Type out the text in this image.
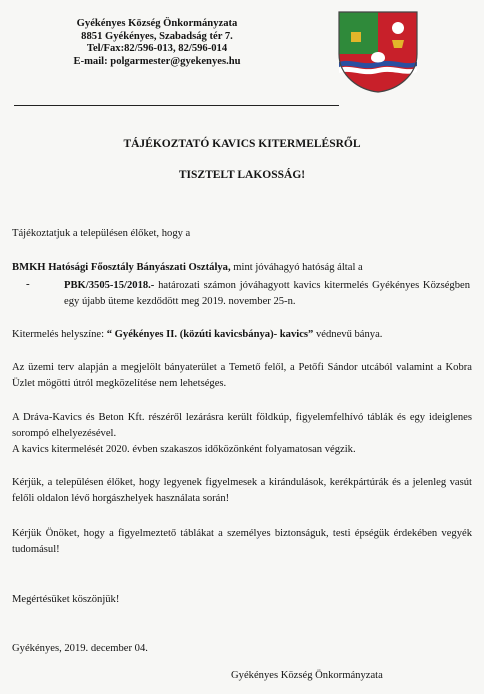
Gyékényes Község Önkormányzata
8851 Gyékényes, Szabadság tér 7.
Tel/Fax:82/596-013, 82/596-014
E-mail: polgarmester@gyekenyes.hu
TÁJÉKOZTATÓ KAVICS KITERMELÉSRŐL
TISZTELT LAKOSSÁG!
Tájékoztatjuk a településen élőket, hogy a
BMKH Hatósági Főosztály Bányászati Osztálya, mint jóváhagyó hatóság által a
-	PBK/3505-15/2018.- határozati számon jóváhagyott kavics kitermelés Gyékényes Községben egy újabb üteme kezdődött meg 2019. november 25-n.
Kitermelés helyszíne: “ Gyékényes II. (közúti kavicsbánya)- kavics” védnevű bánya.
Az üzemi terv alapján a megjelölt bányaterület a Temető felől, a Petőfi Sándor utcából valamint a Kobra Üzlet mögötti útról megközelítése nem lehetséges.
A Dráva-Kavics és Beton Kft. részéről lezárásra került földkúp, figyelemfelhívó táblák és egy ideiglenes sorompó elhelyezésével.
A kavics kitermelését 2020. évben szakaszos időközönként folyamatosan végzik.
Kérjük, a településen élőket, hogy legyenek figyelmesek a kirándulások, kerékpártúrák és a jelenleg vasút felőli oldalon lévő horgászhelyek használata során!
Kérjük Önöket, hogy a figyelmeztető táblákat a személyes biztonságuk, testi épségük érdekében vegyék tudomásul!
Megértésüket köszönjük!
Gyékényes, 2019. december 04.
Gyékényes Község Önkormányzata
